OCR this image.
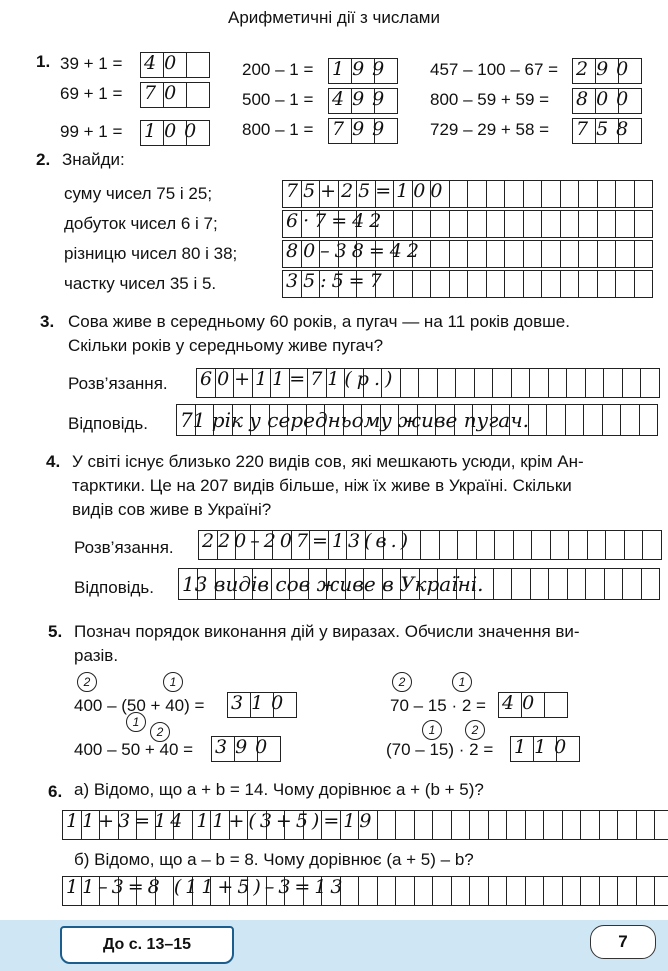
Арифметичні дії з числами
1. 39 + 1 = 40
69 + 1 = 70
99 + 1 = 100
200 – 1 = 199
500 – 1 = 499
800 – 1 = 799
457 – 100 – 67 = 290
800 – 59 + 59 = 800
729 – 29 + 58 = 758
2. Знайди:
суму чисел 75 і 25;	75+25=100
добуток чисел 6 і 7;	6·7=42
різницю чисел 80 і 38;	80–38=42
частку чисел 35 і 5.	35:5=7
3. Сова живе в середньому 60 років, а пугач — на 11 років довше.
Скільки років у середньому живе пугач?
Розв’язання. 60+11=71(р.)
Відповідь. 71 рік у середньому живе пугач.
4. У світі існує близько 220 видів сов, які мешкають усюди, крім Ан-
тарктики. Це на 207 видів більше, ніж їх живе в Україні. Скільки
видів сов живе в Україні?
Розв’язання. 220–207=13(в.)
Відповідь. 13 видів сов живе в Україні.
5. Познач порядок виконання дій у виразах. Обчисли значення ви-
разів.
2	1
400 – (50 + 40) = 310
2	1
70 – 15 · 2 = 40
1
2
400 – 50 + 40 = 390
1	2
(70 – 15) · 2 = 110
6. а) Відомо, що a + b = 14. Чому дорівнює a + (b + 5)?
11+3=14 11+(3+5)=19
б) Відомо, що a – b = 8. Чому дорівнює (a + 5) – b?
11–3=8 (11+5)–3=13
До с. 13–15	7
